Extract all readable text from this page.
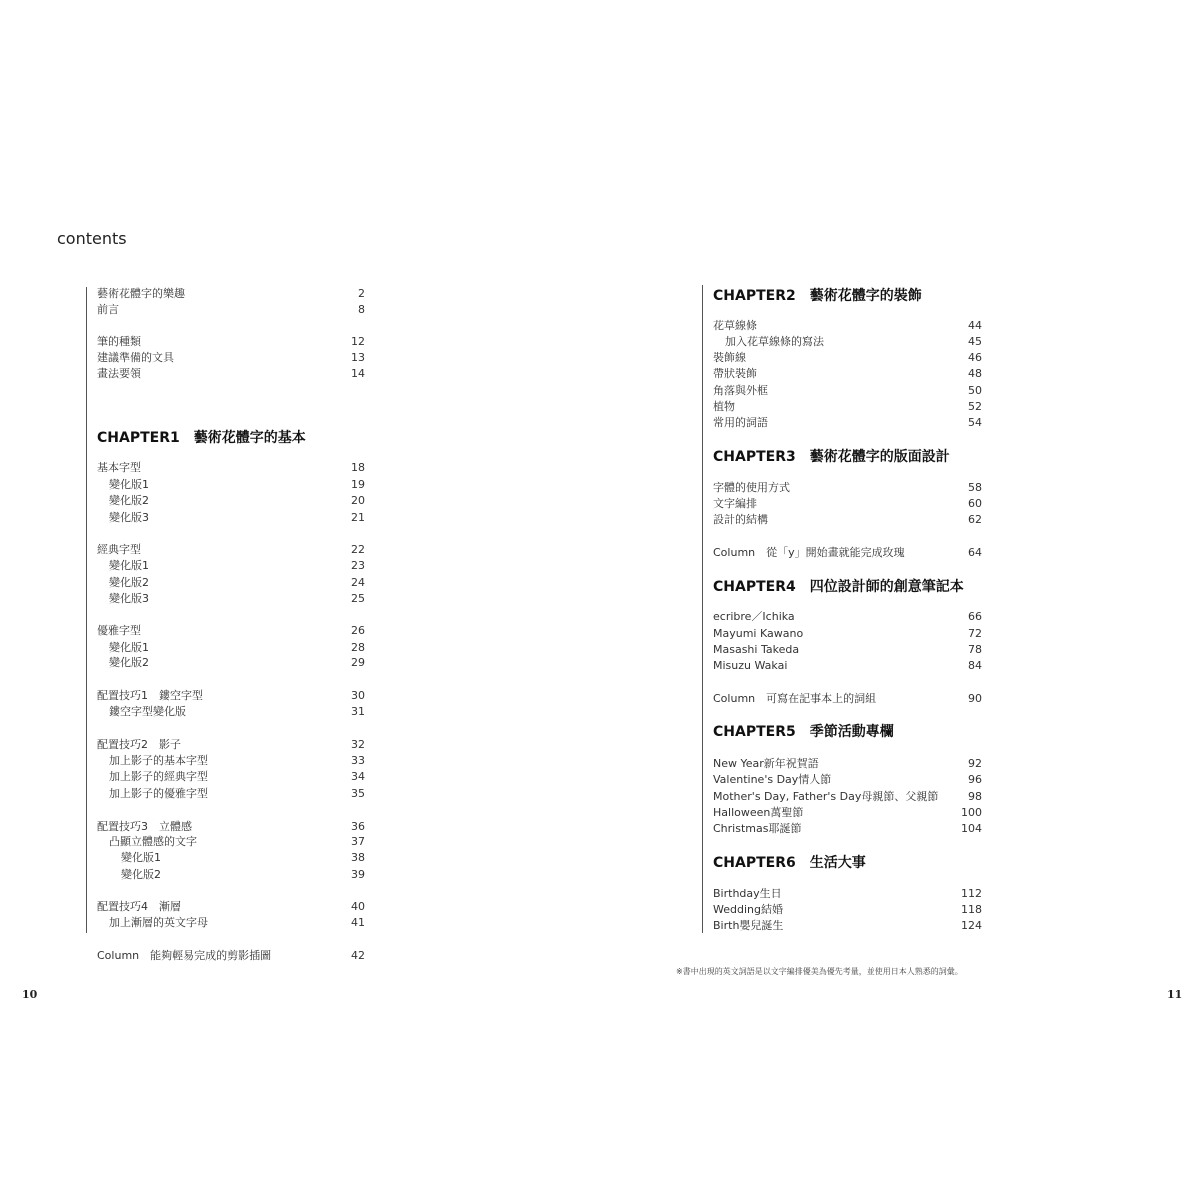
contents
藝術花體字的樂趣	2
前言	8
筆的種類	12
建議準備的文具	13
畫法要領	14
CHAPTER1 藝術花體字的基本
基本字型	18
變化版1	19
變化版2	20
變化版3	21
經典字型	22
變化版1	23
變化版2	24
變化版3	25
優雅字型	26
變化版1	28
變化版2	29
配置技巧1　鏤空字型	30
鏤空字型變化版	31
配置技巧2　影子	32
加上影子的基本字型	33
加上影子的經典字型	34
加上影子的優雅字型	35
配置技巧3　立體感	36
凸顯立體感的文字	37
變化版1	38
變化版2	39
配置技巧4　漸層	40
加上漸層的英文字母	41
Column　能夠輕易完成的剪影插圖	42
CHAPTER2 藝術花體字的裝飾
花草線條	44
加入花草線條的寫法	45
裝飾線	46
帶狀裝飾	48
角落與外框	50
植物	52
常用的詞語	54
CHAPTER3 藝術花體字的版面設計
字體的使用方式	58
文字編排	60
設計的結構	62
Column　從「y」開始畫就能完成玫瑰	64
CHAPTER4 四位設計師的創意筆記本
ecribre／Ichika	66
Mayumi Kawano	72
Masashi Takeda	78
Misuzu Wakai	84
Column　可寫在記事本上的詞組	90
CHAPTER5 季節活動專欄
New Year新年祝賀語	92
Valentine's Day情人節	96
Mother's Day, Father's Day母親節、父親節	98
Halloween萬聖節	100
Christmas耶誕節	104
CHAPTER6 生活大事
Birthday生日	112
Wedding結婚	118
Birth嬰兒誕生	124
10	11
※書中出現的英文詞語是以文字編排優美為優先考量，並使用日本人熟悉的詞彙。
